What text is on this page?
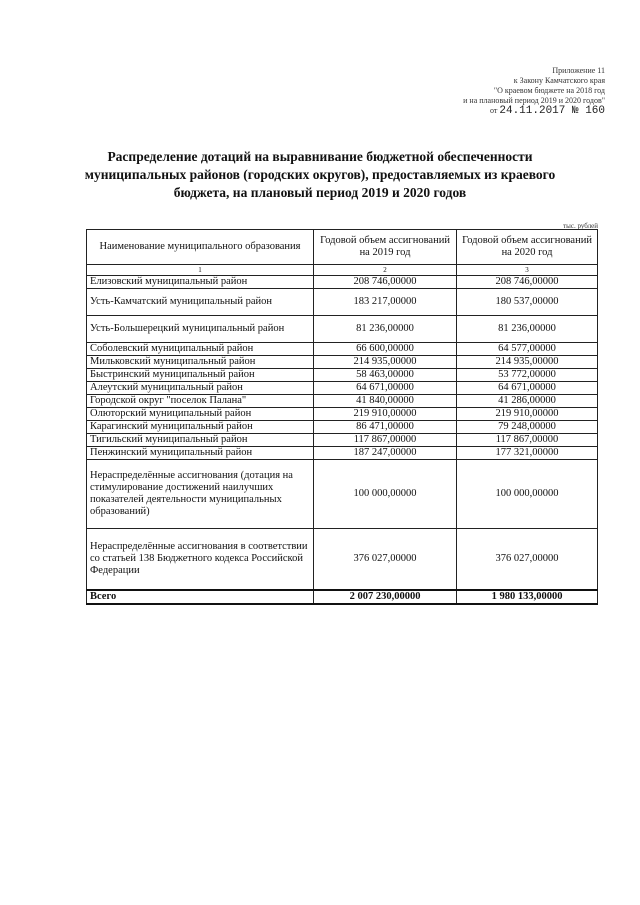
Приложение 11
к Закону Камчатского края
"О краевом бюджете на 2018 год
и на плановый период 2019 и 2020 годов"
от 24.11.2017 № 160
Распределение дотаций на выравнивание бюджетной обеспеченности муниципальных районов (городских округов), предоставляемых из краевого бюджета, на плановый период 2019 и 2020 годов
тыс. рублей
Наименование муниципального образования	Годовой объем ассигнований на 2019 год	Годовой объем ассигнований на 2020 год
1	2	3
Елизовский муниципальный район	208 746,00000	208 746,00000
Усть-Камчатский муниципальный район	183 217,00000	180 537,00000
Усть-Большерецкий муниципальный район	81 236,00000	81 236,00000
Соболевский муниципальный район	66 600,00000	64 577,00000
Мильковский муниципальный район	214 935,00000	214 935,00000
Быстринский муниципальный район	58 463,00000	53 772,00000
Алеутский муниципальный район	64 671,00000	64 671,00000
Городской округ "поселок Палана"	41 840,00000	41 286,00000
Олюторский муниципальный район	219 910,00000	219 910,00000
Карагинский муниципальный район	86 471,00000	79 248,00000
Тигильский муниципальный район	117 867,00000	117 867,00000
Пенжинский муниципальный район	187 247,00000	177 321,00000
Нераспределённые ассигнования (дотация на стимулирование достижений наилучших показателей деятельности муниципальных образований)	100 000,00000	100 000,00000
Нераспределённые ассигнования в соответствии со статьей 138 Бюджетного кодекса Российской Федерации	376 027,00000	376 027,00000
Всего	2 007 230,00000	1 980 133,00000
